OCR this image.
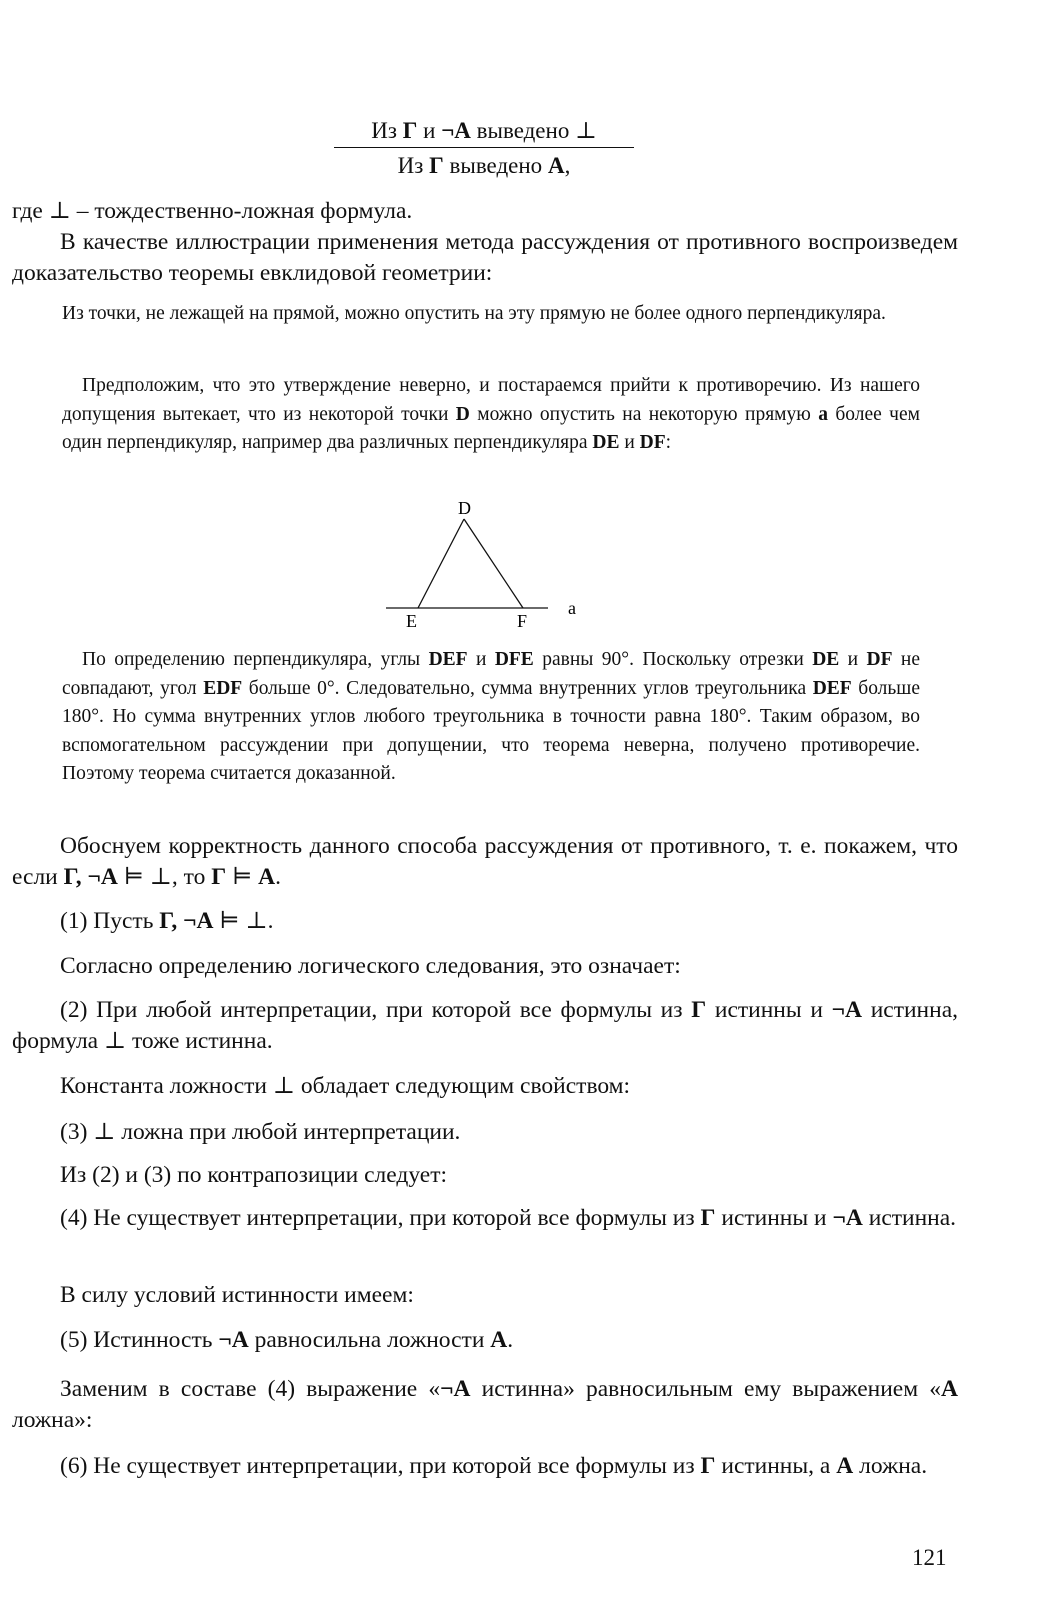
Из Γ и ¬A выведено ⊥
Из Γ выведено A,

где ⊥ – тождественно-ложная формула.

В качестве иллюстрации применения метода рассуждения от противного воспроизведем доказательство теоремы евклидовой геометрии:

Из точки, не лежащей на прямой, можно опустить на эту прямую не более одного перпендикуляра.

Предположим, что это утверждение неверно, и постараемся прийти к противоречию. Из нашего допущения вытекает, что из некоторой точки D можно опустить на некоторую прямую a более чем один перпендикуляр, например два различных перпендикуляра DE и DF:

D
E	F
a

По определению перпендикуляра, углы DEF и DFE равны 90°. Поскольку отрезки DE и DF не совпадают, угол EDF больше 0°. Следовательно, сумма внутренних углов треугольника DEF больше 180°. Но сумма внутренних углов любого треугольника в точности равна 180°. Таким образом, во вспомогательном рассуждении при допущении, что теорема неверна, получено противоречие. Поэтому теорема считается доказанной.

Обоснуем корректность данного способа рассуждения от противного, т. е. покажем, что если Γ, ¬A ⊨ ⊥, то Γ ⊨ A.

(1) Пусть Γ, ¬A ⊨ ⊥.

Согласно определению логического следования, это означает:

(2) При любой интерпретации, при которой все формулы из Γ истинны и ¬A истинна, формула ⊥ тоже истинна.

Константа ложности ⊥ обладает следующим свойством:

(3) ⊥ ложна при любой интерпретации.

Из (2) и (3) по контрапозиции следует:

(4) Не существует интерпретации, при которой все формулы из Γ истинны и ¬A истинна.

В силу условий истинности имеем:

(5) Истинность ¬A равносильна ложности A.

Заменим в составе (4) выражение «¬A истинна» равносильным ему выражением «A ложна»:

(6) Не существует интерпретации, при которой все формулы из Γ истинны, а A ложна.

121
